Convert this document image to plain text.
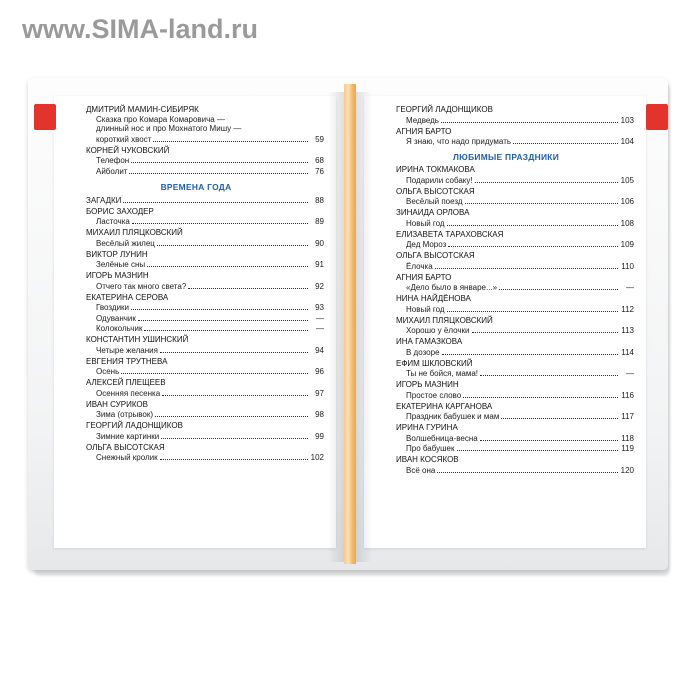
www.SIMA-land.ru
ДМИТРИЙ МАМИН-СИБИРЯК
Сказка про Комара Комаровича —
длинный нос и про Мохнатого Мишу —
короткий хвост	59
КОРНЕЙ ЧУКОВСКИЙ
Телефон	68
Айболит	76
ВРЕМЕНА ГОДА
ЗАГАДКИ	88
БОРИС ЗАХОДЕР
Ласточка	89
МИХАИЛ ПЛЯЦКОВСКИЙ
Весёлый жилец	90
ВИКТОР ЛУНИН
Зелёные сны	91
ИГОРЬ МАЗНИН
Отчего так много света?	92
ЕКАТЕРИНА СЕРОВА
Гвоздики	93
Одуванчик	—
Колокольчик	—
КОНСТАНТИН УШИНСКИЙ
Четыре желания	94
ЕВГЕНИЯ ТРУТНЕВА
Осень	96
АЛЕКСЕЙ ПЛЕЩЕЕВ
Осенняя песенка	97
ИВАН СУРИКОВ
Зима (отрывок)	98
ГЕОРГИЙ ЛАДОНЩИКОВ
Зимние картинки	99
ОЛЬГА ВЫСОТСКАЯ
Снежный кролик	102
ГЕОРГИЙ ЛАДОНЩИКОВ
Медведь	103
АГНИЯ БАРТО
Я знаю, что надо придумать	104
ЛЮБИМЫЕ ПРАЗДНИКИ
ИРИНА ТОКМАКОВА
Подарили собаку!	105
ОЛЬГА ВЫСОТСКАЯ
Весёлый поезд	106
ЗИНАИДА ОРЛОВА
Новый год	108
ЕЛИЗАВЕТА ТАРАХОВСКАЯ
Дед Мороз	109
ОЛЬГА ВЫСОТСКАЯ
Ёлочка	110
АГНИЯ БАРТО
«Дело было в январе...»	—
НИНА НАЙДЁНОВА
Новый год	112
МИХАИЛ ПЛЯЦКОВСКИЙ
Хорошо у ёлочки	113
ИНА ГАМАЗКОВА
В дозоре	114
ЕФИМ ШКЛОВСКИЙ
Ты не бойся, мама!	—
ИГОРЬ МАЗНИН
Простое слово	116
ЕКАТЕРИНА КАРГАНОВА
Праздник бабушек и мам	117
ИРИНА ГУРИНА
Волшебница-весна	118
Про бабушек	119
ИВАН КОСЯКОВ
Всё она	120
